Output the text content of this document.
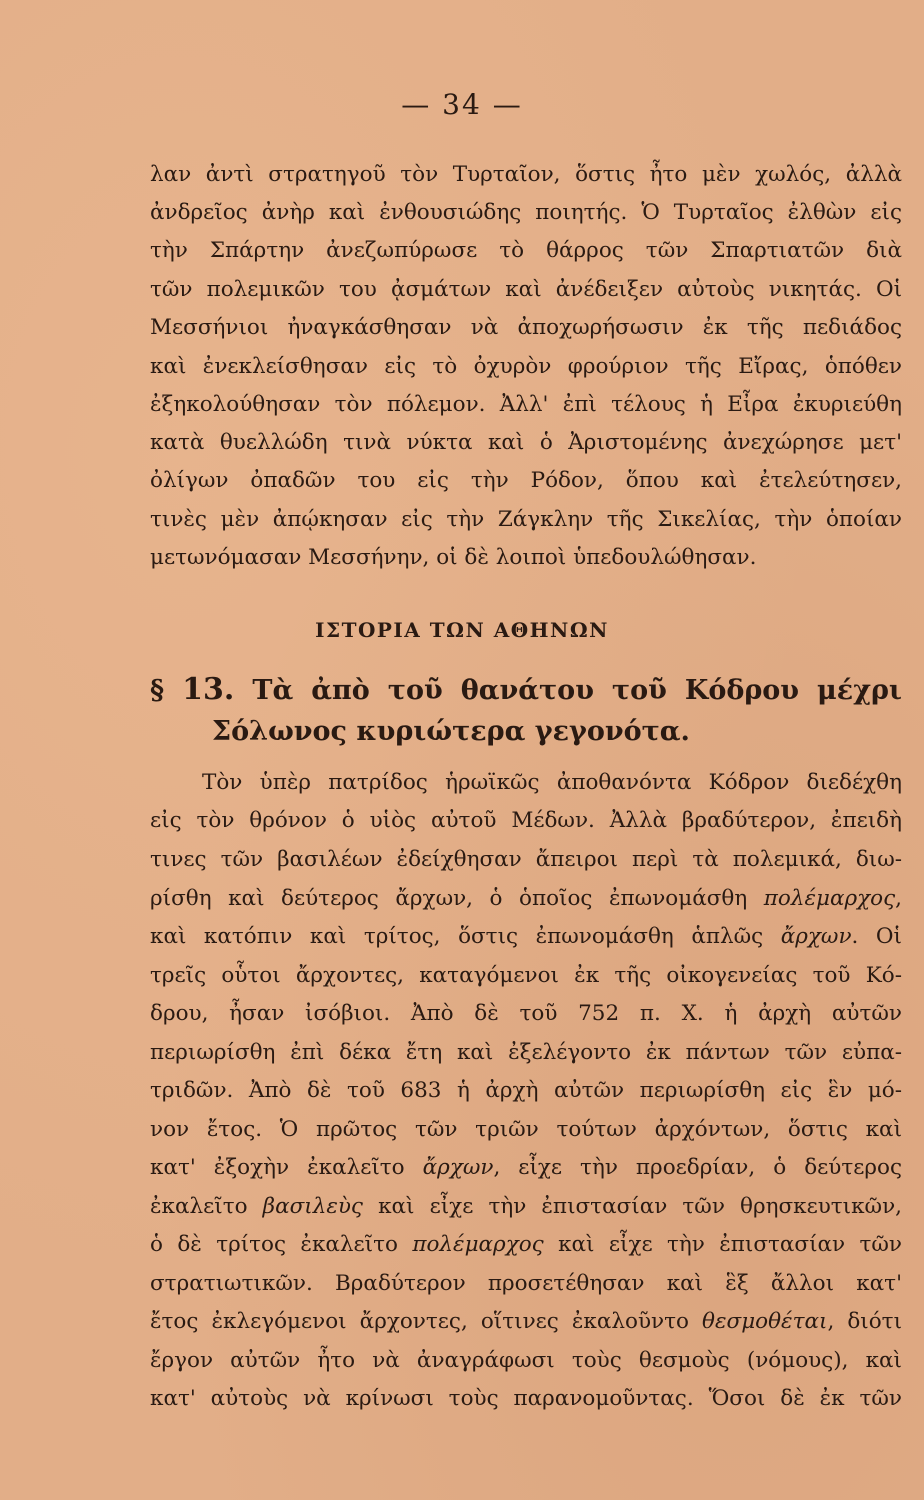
— 34 —
λαν ἀντὶ στρατηγοῦ τὸν Τυρταῖον, ὅστις ἦτο μὲν χωλός, ἀλλὰ
ἀνδρεῖος ἀνὴρ καὶ ἐνθουσιώδης ποιητής. Ὁ Τυρταῖος ἐλθὼν εἰς
τὴν Σπάρτην ἀνεζωπύρωσε τὸ θάρρος τῶν Σπαρτιατῶν διὰ
τῶν πολεμικῶν του ᾀσμάτων καὶ ἀνέδειξεν αὐτοὺς νικητάς. Οἱ
Μεσσήνιοι ἠναγκάσθησαν νὰ ἀποχωρήσωσιν ἐκ τῆς πεδιάδος
καὶ ἐνεκλείσθησαν εἰς τὸ ὀχυρὸν φρούριον τῆς Εἴρας, ὁπόθεν
ἐξηκολούθησαν τὸν πόλεμον. Ἀλλ' ἐπὶ τέλους ἡ Εἶρα ἐκυριεύθη
κατὰ θυελλώδη τινὰ νύκτα καὶ ὁ Ἀριστομένης ἀνεχώρησε μετ'
ὀλίγων ὀπαδῶν του εἰς τὴν Ρόδον, ὅπου καὶ ἐτελεύτησεν,
τινὲς μὲν ἀπῴκησαν εἰς τὴν Ζάγκλην τῆς Σικελίας, τὴν ὁποίαν
μετωνόμασαν Μεσσήνην, οἱ δὲ λοιποὶ ὑπεδουλώθησαν.
ΙΣΤΟΡΙΑ ΤΩΝ ΑΘΗΝΩΝ
§ 13. Τὰ ἀπὸ τοῦ θανάτου τοῦ Κόδρου μέχρι
Σόλωνος κυριώτερα γεγονότα.
Τὸν ὑπὲρ πατρίδος ἡρωϊκῶς ἀποθανόντα Κόδρον διεδέχθη
εἰς τὸν θρόνον ὁ υἱὸς αὐτοῦ Μέδων. Ἀλλὰ βραδύτερον, ἐπειδὴ
τινες τῶν βασιλέων ἐδείχθησαν ἄπειροι περὶ τὰ πολεμικά, διω-
ρίσθη καὶ δεύτερος ἄρχων, ὁ ὁποῖος ἐπωνομάσθη πολέμαρχος,
καὶ κατόπιν καὶ τρίτος, ὅστις ἐπωνομάσθη ἁπλῶς ἄρχων. Οἱ
τρεῖς οὗτοι ἄρχοντες, καταγόμενοι ἐκ τῆς οἰκογενείας τοῦ Κό-
δρου, ἦσαν ἰσόβιοι. Ἀπὸ δὲ τοῦ 752 π. Χ. ἡ ἀρχὴ αὐτῶν
περιωρίσθη ἐπὶ δέκα ἔτη καὶ ἐξελέγοντο ἐκ πάντων τῶν εὐπα-
τριδῶν. Ἀπὸ δὲ τοῦ 683 ἡ ἀρχὴ αὐτῶν περιωρίσθη εἰς ἓν μό-
νον ἔτος. Ὁ πρῶτος τῶν τριῶν τούτων ἀρχόντων, ὅστις καὶ
κατ' ἐξοχὴν ἐκαλεῖτο ἄρχων, εἶχε τὴν προεδρίαν, ὁ δεύτερος
ἐκαλεῖτο βασιλεὺς καὶ εἶχε τὴν ἐπιστασίαν τῶν θρησκευτικῶν,
ὁ δὲ τρίτος ἐκαλεῖτο πολέμαρχος καὶ εἶχε τὴν ἐπιστασίαν τῶν
στρατιωτικῶν. Βραδύτερον προσετέθησαν καὶ ἓξ ἄλλοι κατ'
ἔτος ἐκλεγόμενοι ἄρχοντες, οἵτινες ἐκαλοῦντο θεσμοθέται, διότι
ἔργον αὐτῶν ἦτο νὰ ἀναγράφωσι τοὺς θεσμοὺς (νόμους), καὶ
κατ' αὐτοὺς νὰ κρίνωσι τοὺς παρανομοῦντας. Ὅσοι δὲ ἐκ τῶν
